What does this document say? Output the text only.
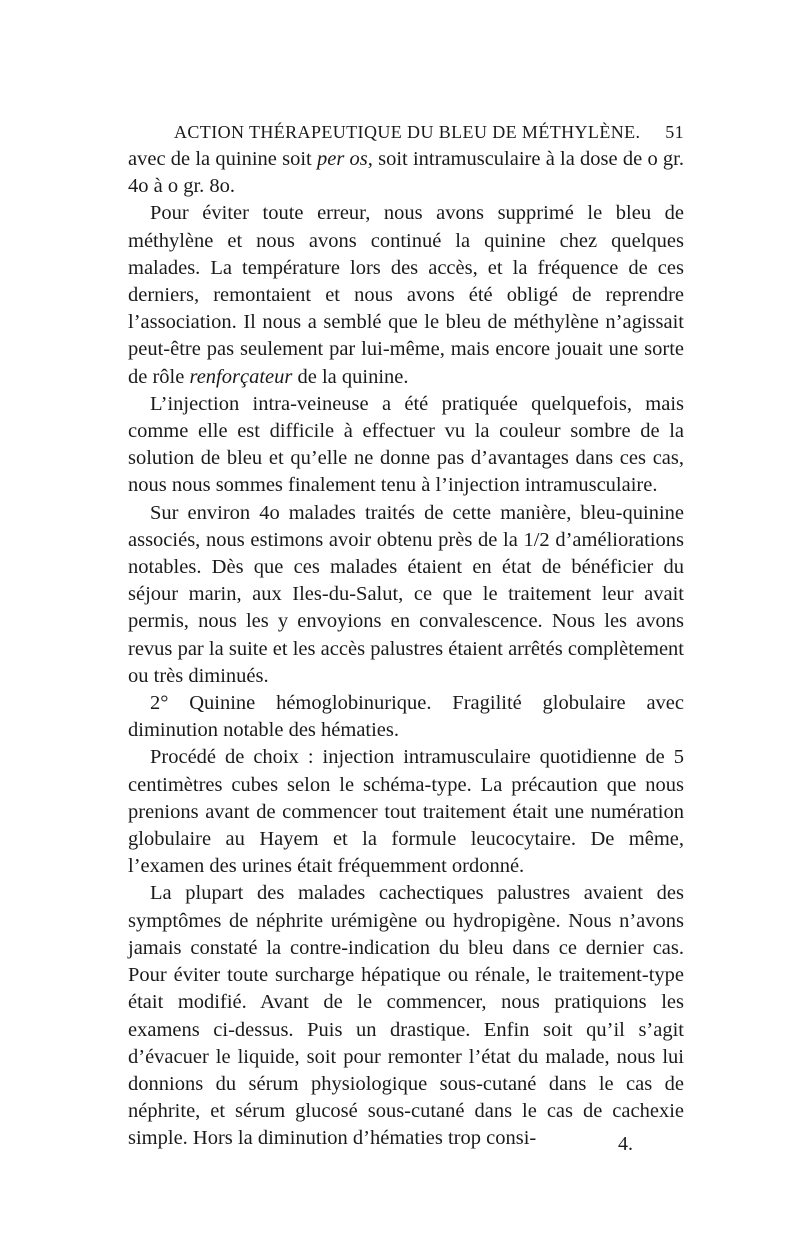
ACTION THÉRAPEUTIQUE DU BLEU DE MÉTHYLÈNE. 51

avec de la quinine soit per os, soit intramusculaire à la dose de o gr. 4o à o gr. 8o.

Pour éviter toute erreur, nous avons supprimé le bleu de méthylène et nous avons continué la quinine chez quelques malades. La température lors des accès, et la fréquence de ces derniers, remontaient et nous avons été obligé de reprendre l’association. Il nous a semblé que le bleu de méthylène n’agissait peut-être pas seulement par lui-même, mais encore jouait une sorte de rôle renforçateur de la quinine.

L’injection intra-veineuse a été pratiquée quelquefois, mais comme elle est difficile à effectuer vu la couleur sombre de la solution de bleu et qu’elle ne donne pas d’avantages dans ces cas, nous nous sommes finalement tenu à l’injection intramusculaire.

Sur environ 4o malades traités de cette manière, bleu-quinine associés, nous estimons avoir obtenu près de la 1/2 d’améliorations notables. Dès que ces malades étaient en état de bénéficier du séjour marin, aux Iles-du-Salut, ce que le traitement leur avait permis, nous les y envoyions en convalescence. Nous les avons revus par la suite et les accès palustres étaient arrêtés complètement ou très diminués.

2° Quinine hémoglobinurique. Fragilité globulaire avec diminution notable des hématies.

Procédé de choix : injection intramusculaire quotidienne de 5 centimètres cubes selon le schéma-type. La précaution que nous prenions avant de commencer tout traitement était une numération globulaire au Hayem et la formule leucocytaire. De même, l’examen des urines était fréquemment ordonné.

La plupart des malades cachectiques palustres avaient des symptômes de néphrite urémigène ou hydropigène. Nous n’avons jamais constaté la contre-indication du bleu dans ce dernier cas. Pour éviter toute surcharge hépatique ou rénale, le traitement-type était modifié. Avant de le commencer, nous pratiquions les examens ci-dessus. Puis un drastique. Enfin soit qu’il s’agit d’évacuer le liquide, soit pour remonter l’état du malade, nous lui donnions du sérum physiologique sous-cutané dans le cas de néphrite, et sérum glucosé sous-cutané dans le cas de cachexie simple. Hors la diminution d’hématies trop consi-	4.
